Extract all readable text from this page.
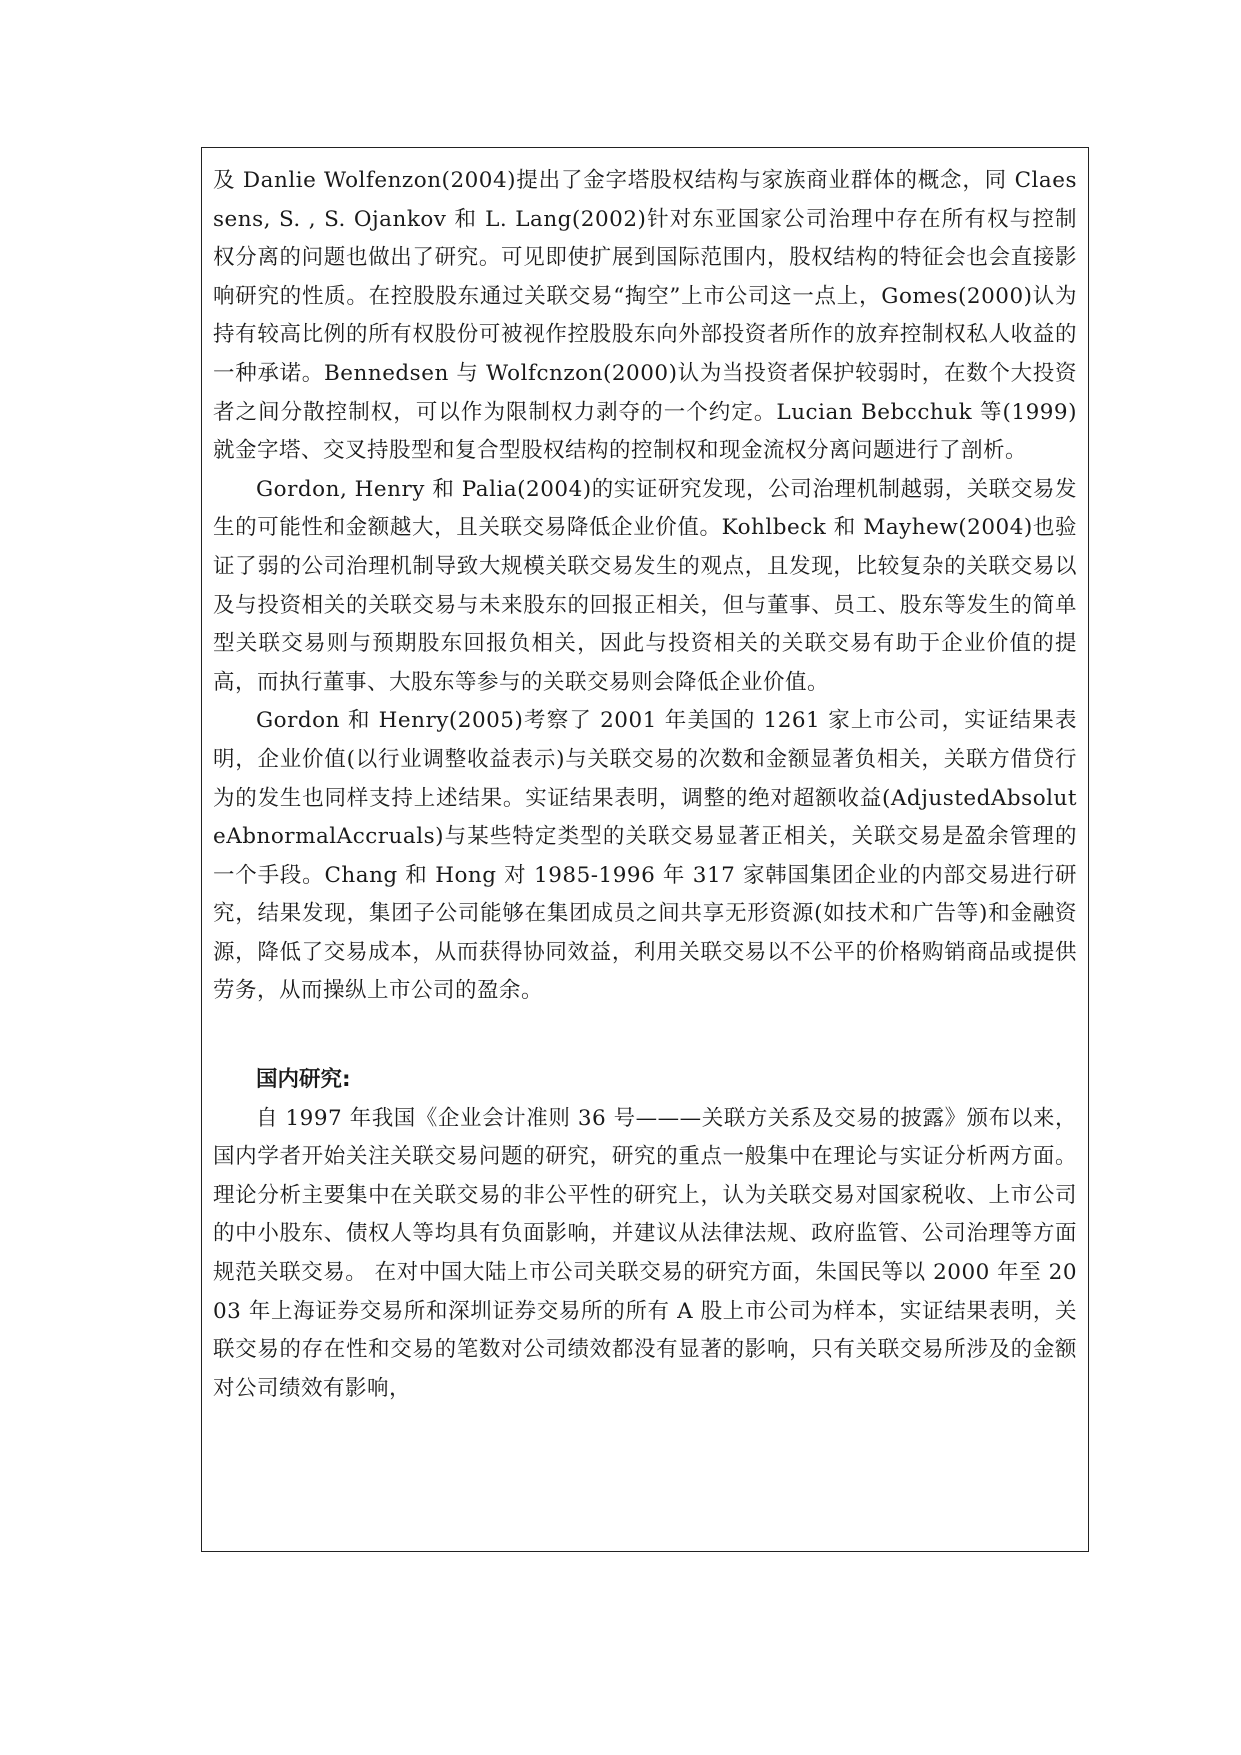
及 Danlie Wolfenzon(2004)提出了金字塔股权结构与家族商业群体的概念，同 Claessens, S. , S. Ojankov 和 L. Lang(2002)针对东亚国家公司治理中存在所有权与控制权分离的问题也做出了研究。可见即使扩展到国际范围内，股权结构的特征会也会直接影响研究的性质。在控股股东通过关联交易“掏空”上市公司这一点上，Gomes(2000)认为持有较高比例的所有权股份可被视作控股股东向外部投资者所作的放弃控制权私人收益的一种承诺。Bennedsen 与 Wolfcnzon(2000)认为当投资者保护较弱时，在数个大投资者之间分散控制权，可以作为限制权力剥夺的一个约定。Lucian Bebcchuk 等(1999)就金字塔、交叉持股型和复合型股权结构的控制权和现金流权分离问题进行了剖析。

Gordon, Henry 和 Palia(2004)的实证研究发现，公司治理机制越弱，关联交易发生的可能性和金额越大，且关联交易降低企业价值。Kohlbeck 和 Mayhew(2004)也验证了弱的公司治理机制导致大规模关联交易发生的观点，且发现，比较复杂的关联交易以及与投资相关的关联交易与未来股东的回报正相关，但与董事、员工、股东等发生的简单型关联交易则与预期股东回报负相关，因此与投资相关的关联交易有助于企业价值的提高，而执行董事、大股东等参与的关联交易则会降低企业价值。

Gordon 和 Henry(2005)考察了 2001 年美国的 1261 家上市公司，实证结果表明，企业价值(以行业调整收益表示)与关联交易的次数和金额显著负相关，关联方借贷行为的发生也同样支持上述结果。实证结果表明，调整的绝对超额收益(AdjustedAbsoluteAbnormalAccruals)与某些特定类型的关联交易显著正相关，关联交易是盈余管理的一个手段。Chang 和 Hong 对 1985-1996 年 317 家韩国集团企业的内部交易进行研究，结果发现，集团子公司能够在集团成员之间共享无形资源(如技术和广告等)和金融资源，降低了交易成本，从而获得协同效益，利用关联交易以不公平的价格购销商品或提供劳务，从而操纵上市公司的盈余。

国内研究:

自 1997 年我国《企业会计准则 36 号———关联方关系及交易的披露》颁布以来，国内学者开始关注关联交易问题的研究，研究的重点一般集中在理论与实证分析两方面。理论分析主要集中在关联交易的非公平性的研究上，认为关联交易对国家税收、上市公司的中小股东、债权人等均具有负面影响，并建议从法律法规、政府监管、公司治理等方面规范关联交易。 在对中国大陆上市公司关联交易的研究方面，朱国民等以 2000 年至 2003 年上海证券交易所和深圳证券交易所的所有 A 股上市公司为样本，实证结果表明，关联交易的存在性和交易的笔数对公司绩效都没有显著的影响，只有关联交易所涉及的金额对公司绩效有影响，
